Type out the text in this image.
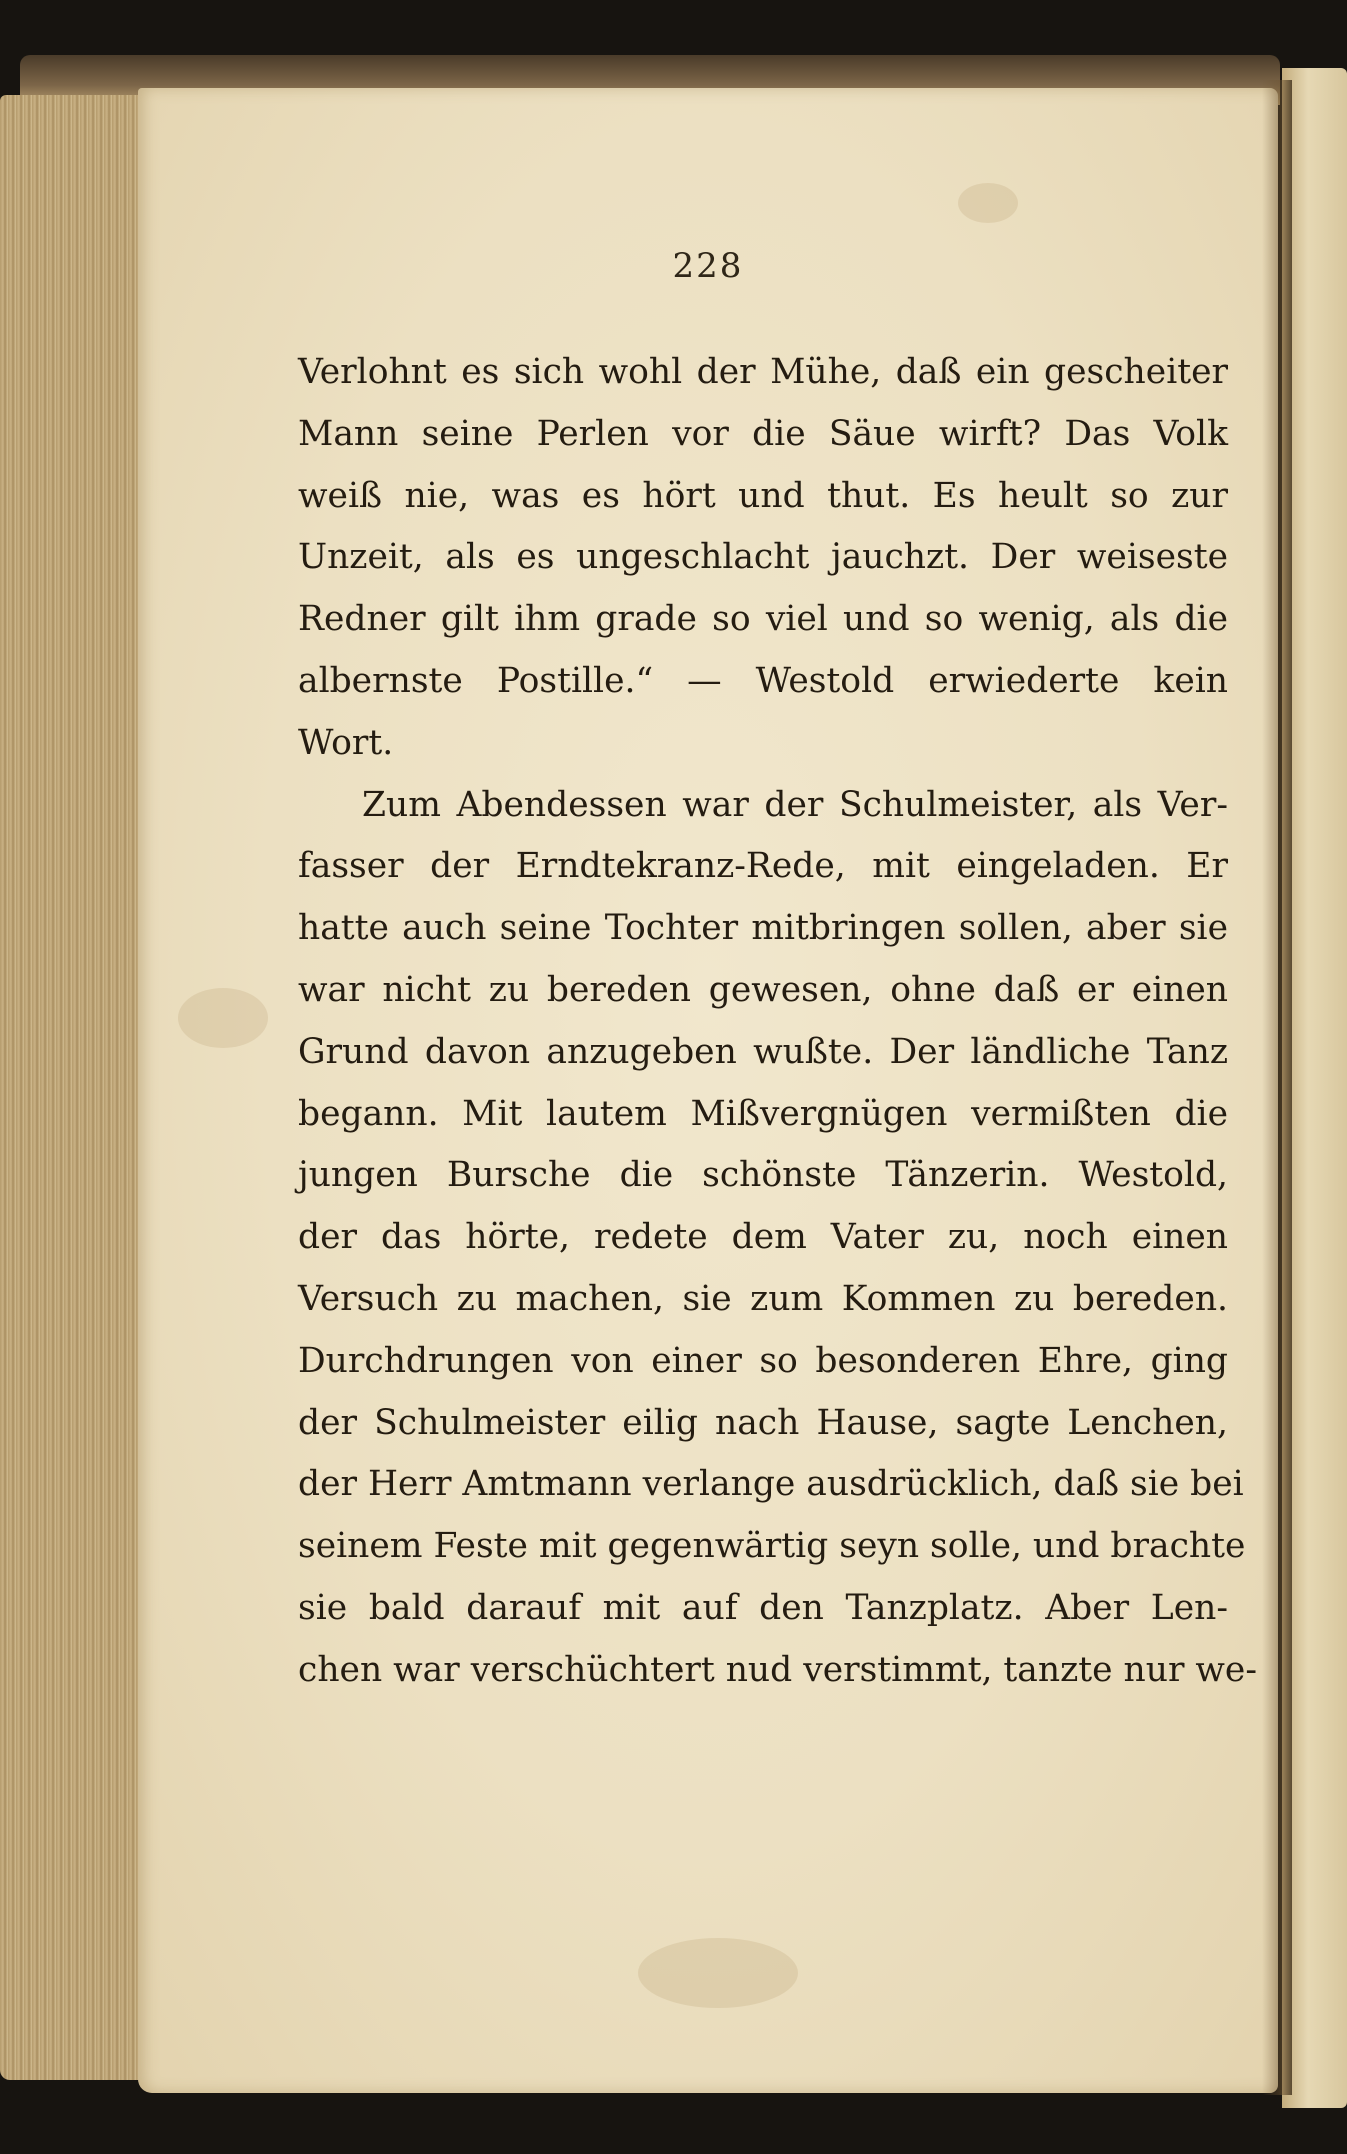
228
Verlohnt es sich wohl der Mühe, daß ein gescheiter
Mann seine Perlen vor die Säue wirft? Das Volk
weiß nie, was es hört und thut. Es heult so zur
Unzeit, als es ungeschlacht jauchzt. Der weiseste
Redner gilt ihm grade so viel und so wenig, als die
albernste Postille.“ — Westold erwiederte kein
Wort.
Zum Abendessen war der Schulmeister, als Ver-
fasser der Erndtekranz-Rede, mit eingeladen. Er
hatte auch seine Tochter mitbringen sollen, aber sie
war nicht zu bereden gewesen, ohne daß er einen
Grund davon anzugeben wußte. Der ländliche Tanz
begann. Mit lautem Mißvergnügen vermißten die
jungen Bursche die schönste Tänzerin. Westold,
der das hörte, redete dem Vater zu, noch einen
Versuch zu machen, sie zum Kommen zu bereden.
Durchdrungen von einer so besonderen Ehre, ging
der Schulmeister eilig nach Hause, sagte Lenchen,
der Herr Amtmann verlange ausdrücklich, daß sie bei
seinem Feste mit gegenwärtig seyn solle, und brachte
sie bald darauf mit auf den Tanzplatz. Aber Len-
chen war verschüchtert nud verstimmt, tanzte nur we-
